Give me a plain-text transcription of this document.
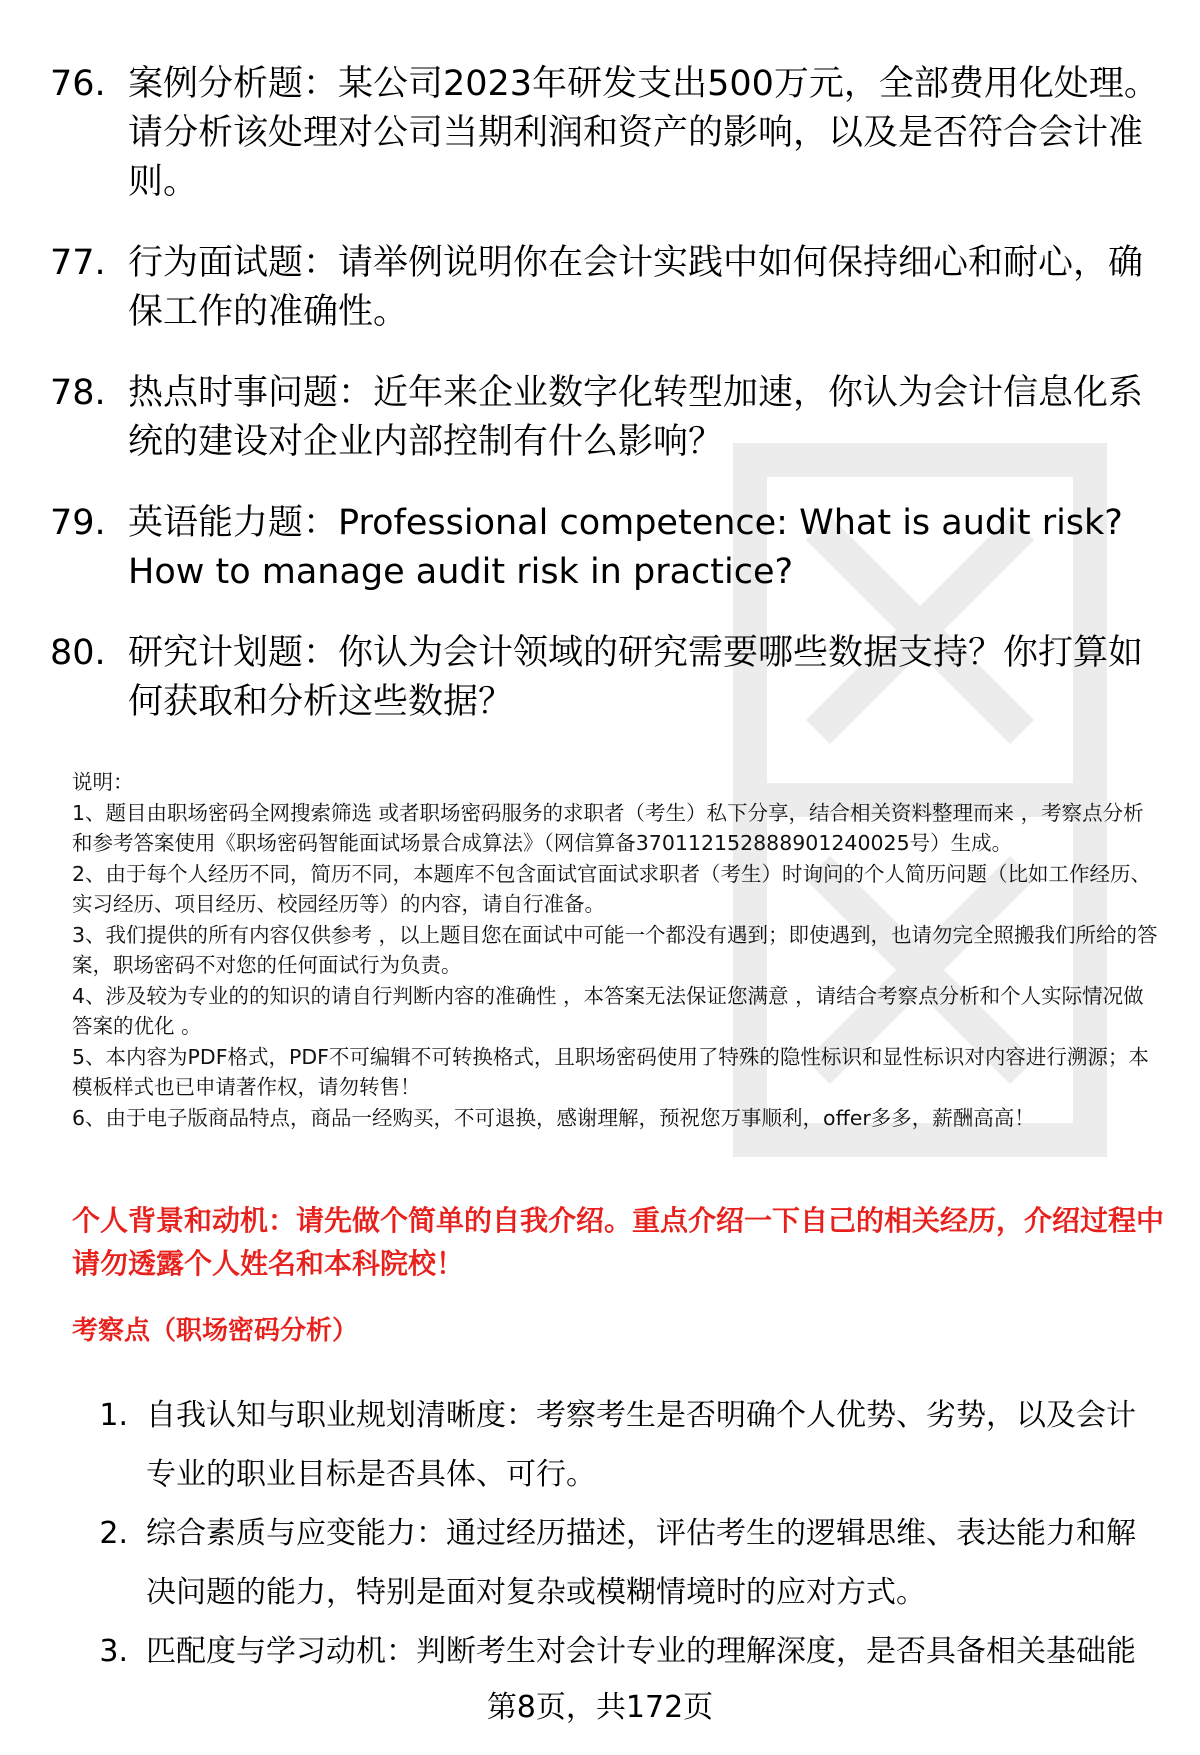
76. 案例分析题：某公司2023年研发支出500万元，全部费用化处理。请分析该处理对公司当期利润和资产的影响，以及是否符合会计准则。
77. 行为面试题：请举例说明你在会计实践中如何保持细心和耐心，确保工作的准确性。
78. 热点时事问题：近年来企业数字化转型加速，你认为会计信息化系统的建设对企业内部控制有什么影响？
79. 英语能力题：Professional competence: What is audit risk? How to manage audit risk in practice?
80. 研究计划题：你认为会计领域的研究需要哪些数据支持？你打算如何获取和分析这些数据？

说明：

1、题目由职场密码全网搜索筛选 或者职场密码服务的求职者（考生）私下分享，结合相关资料整理而来 ，考察点分析和参考答案使用《职场密码智能面试场景合成算法》（网信算备370112152888901240025号）生成。

2、由于每个人经历不同，简历不同，本题库不包含面试官面试求职者（考生）时询问的个人简历问题（比如工作经历、实习经历、项目经历、校园经历等）的内容，请自行准备。

3、我们提供的所有内容仅供参考 ，以上题目您在面试中可能一个都没有遇到；即使遇到，也请勿完全照搬我们所给的答案，职场密码不对您的任何面试行为负责。

4、涉及较为专业的的知识的请自行判断内容的准确性 ，本答案无法保证您满意 ，请结合考察点分析和个人实际情况做答案的优化 。

5、本内容为PDF格式，PDF不可编辑不可转换格式，且职场密码使用了特殊的隐性标识和显性标识对内容进行溯源；本模板样式也已申请著作权，请勿转售！

6、由于电子版商品特点，商品一经购买，不可退换，感谢理解，预祝您万事顺利，offer多多，薪酬高高！

个人背景和动机：请先做个简单的自我介绍。重点介绍一下自己的相关经历，介绍过程中请勿透露个人姓名和本科院校！
考察点（职场密码分析）
1. 自我认知与职业规划清晰度：考察考生是否明确个人优势、劣势，以及会计专业的职业目标是否具体、可行。
2. 综合素质与应变能力：通过经历描述，评估考生的逻辑思维、表达能力和解决问题的能力，特别是面对复杂或模糊情境时的应对方式。
3. 匹配度与学习动机：判断考生对会计专业的理解深度，是否具备相关基础能
第8页，共172页
